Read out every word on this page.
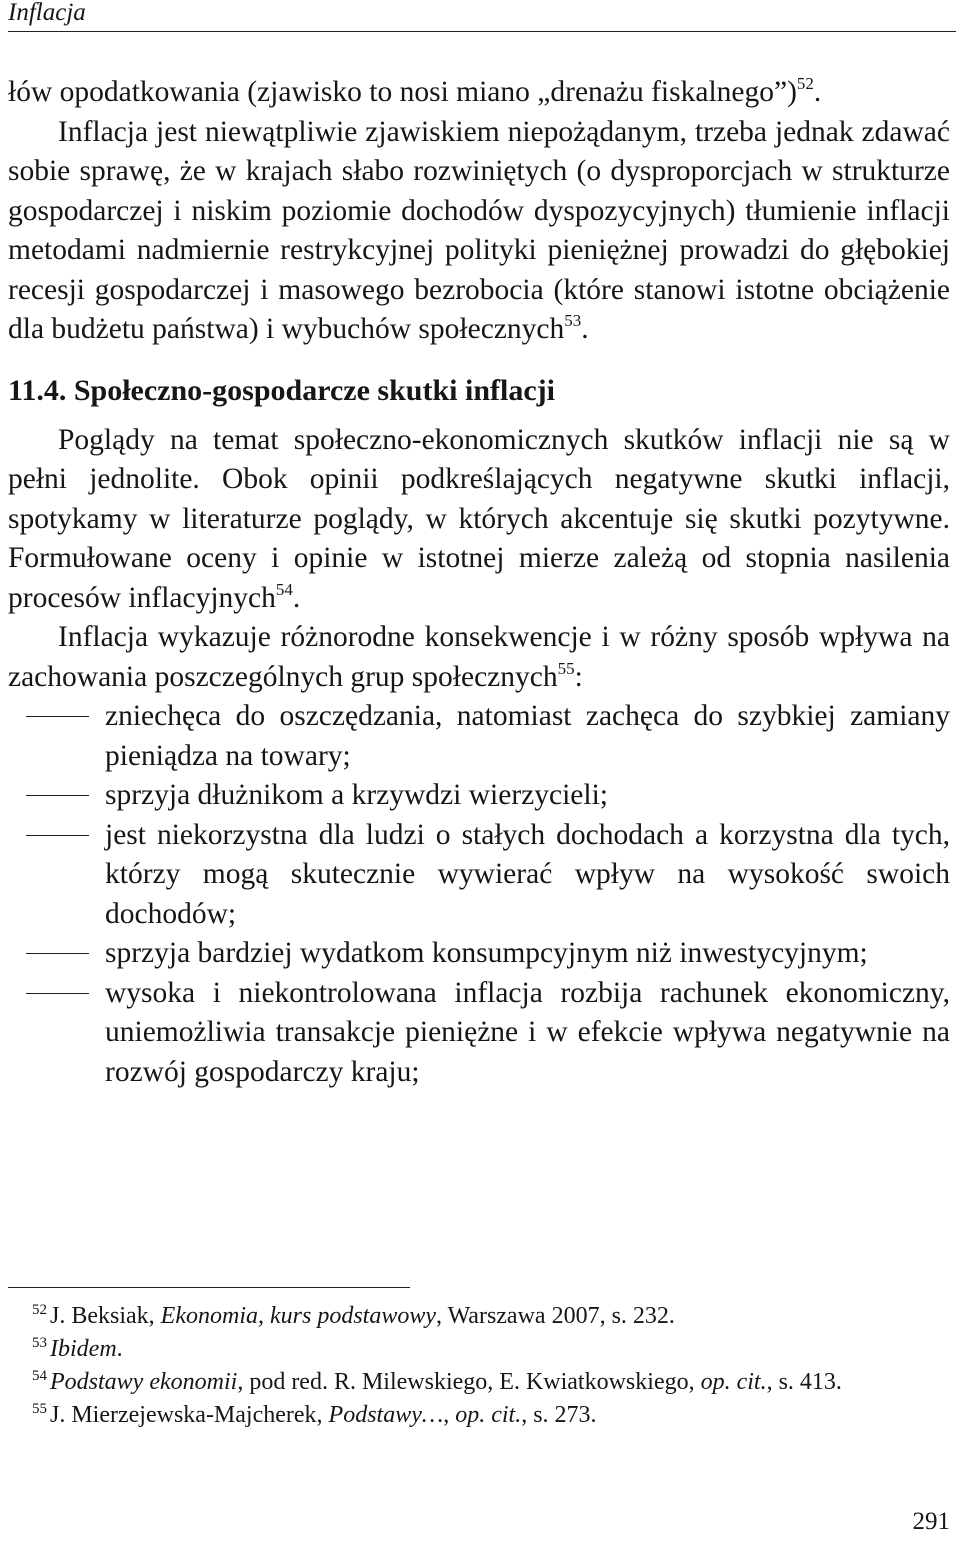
Inflacja

łów opodatkowania (zjawisko to nosi miano „drenażu fiskalnego”)$^{52}$.

Inflacja jest niewątpliwie zjawiskiem niepożądanym, trzeba jednak zdawać sobie sprawę, że w krajach słabo rozwiniętych (o dysproporcjach w strukturze gospodarczej i niskim poziomie dochodów dyspozycyjnych) tłumienie inflacji metodami nadmiernie restrykcyjnej polityki pieniężnej prowadzi do głębokiej recesji gospodarczej i masowego bezrobocia (które stanowi istotne obciążenie dla budżetu państwa) i wybuchów społecznych$^{53}$.

11.4. Społeczno-gospodarcze skutki inflacji

Poglądy na temat społeczno-ekonomicznych skutków inflacji nie są w pełni jednolite. Obok opinii podkreślających negatywne skutki inflacji, spotykamy w literaturze poglądy, w których akcentuje się skutki pozytywne. Formułowane oceny i opinie w istotnej mierze zależą od stopnia nasilenia procesów inflacyjnych$^{54}$.

Inflacja wykazuje różnorodne konsekwencje i w różny sposób wpływa na zachowania poszczególnych grup społecznych$^{55}$:

zniechęca do oszczędzania, natomiast zachęca do szybkiej zamiany pieniądza na towary;
sprzyja dłużnikom a krzywdzi wierzycieli;
jest niekorzystna dla ludzi o stałych dochodach a korzystna dla tych, którzy mogą skutecznie wywierać wpływ na wysokość swoich dochodów;
sprzyja bardziej wydatkom konsumpcyjnym niż inwestycyjnym;
wysoka i niekontrolowana inflacja rozbija rachunek ekonomiczny, uniemożliwia transakcje pieniężne i w efekcie wpływa negatywnie na rozwój gospodarczy kraju;

52 J. Beksiak, Ekonomia, kurs podstawowy, Warszawa 2007, s. 232.

53 Ibidem.

54 Podstawy ekonomii, pod red. R. Milewskiego, E. Kwiatkowskiego, op. cit., s. 413.

55 J. Mierzejewska-Majcherek, Podstawy…, op. cit., s. 273.

291
